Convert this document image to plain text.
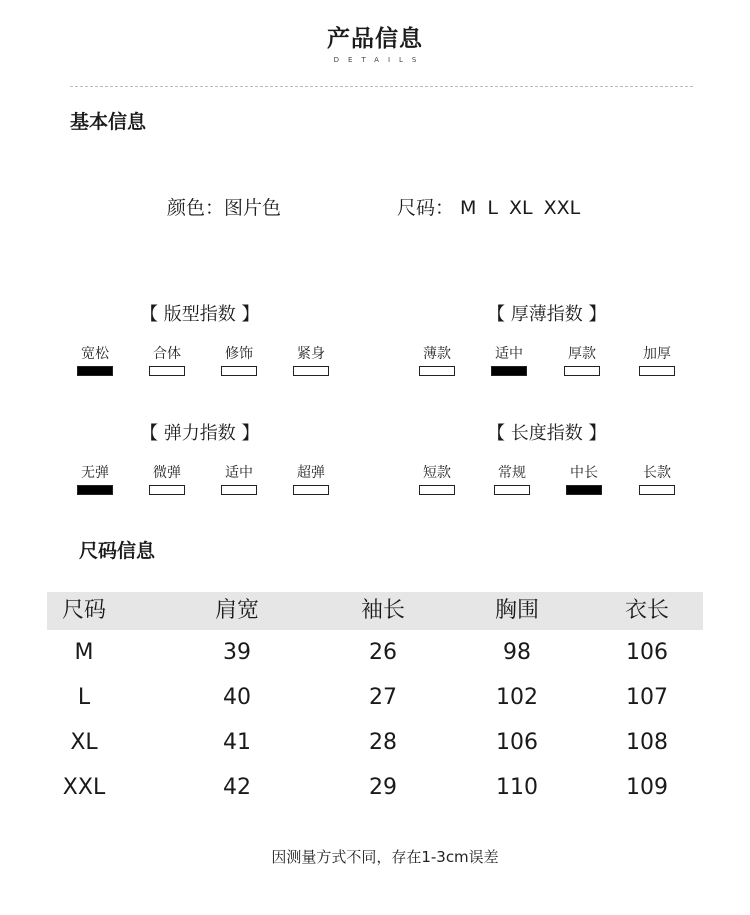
产品信息
DETAILS
基本信息
颜色：图片色	尺码： M L XL XXL
【 版型指数 】
宽松	合体	修饰	紧身
【 厚薄指数 】
薄款	适中	厚款	加厚
【 弹力指数 】
无弹	微弹	适中	超弹
【 长度指数 】
短款	常规	中长	长款
尺码信息
尺码	肩宽	袖长	胸围	衣长
M	39	26	98	106
L	40	27	102	107
XL	41	28	106	108
XXL	42	29	110	109
因测量方式不同，存在1-3cm误差
